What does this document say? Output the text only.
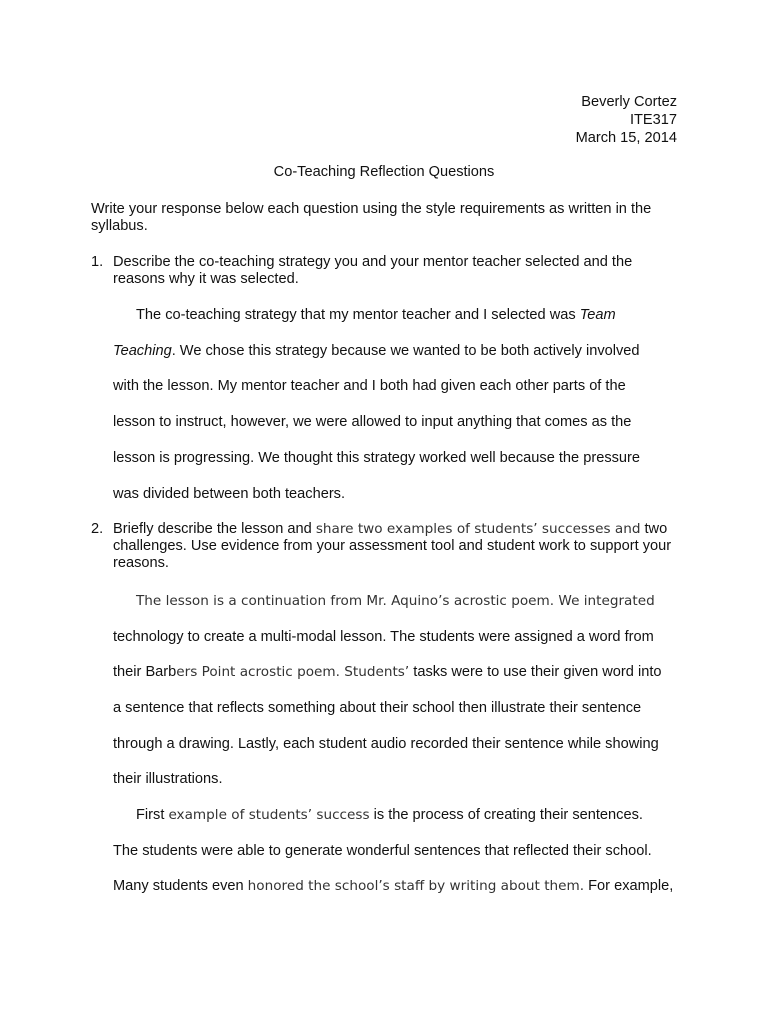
Beverly Cortez
ITE317
March 15, 2014
Co-Teaching Reflection Questions
Write your response below each question using the style requirements as written in the syllabus.
1. Describe the co-teaching strategy you and your mentor teacher selected and the reasons why it was selected.
The co-teaching strategy that my mentor teacher and I selected was Team
Teaching. We chose this strategy because we wanted to be both actively involved
with the lesson. My mentor teacher and I both had given each other parts of the
lesson to instruct, however, we were allowed to input anything that comes as the
lesson is progressing. We thought this strategy worked well because the pressure
was divided between both teachers.
2. Briefly describe the lesson and share two examples of students’ successes and two challenges. Use evidence from your assessment tool and student work to support your reasons.
The lesson is a continuation from Mr. Aquino’s acrostic poem. We integrated
technology to create a multi-modal lesson. The students were assigned a word from
their Barbers Point acrostic poem. Students’ tasks were to use their given word into
a sentence that reflects something about their school then illustrate their sentence
through a drawing. Lastly, each student audio recorded their sentence while showing
their illustrations.
First example of students’ success is the process of creating their sentences.
The students were able to generate wonderful sentences that reflected their school.
Many students even honored the school’s staff by writing about them. For example,
